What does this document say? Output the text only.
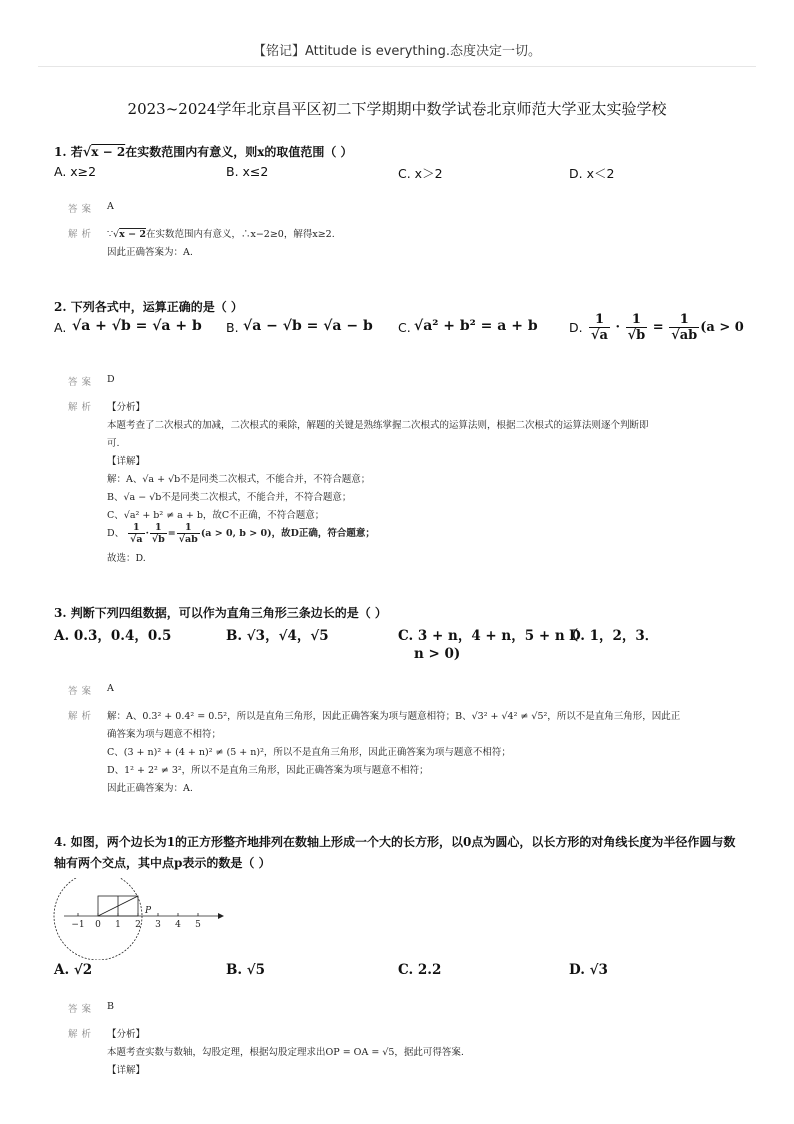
【铭记】Attitude is everything.态度决定一切。
2023~2024学年北京昌平区初二下学期期中数学试卷北京师范大学亚太实验学校
1. 若√x − 2在实数范围内有意义，则x的取值范围（ ）
A. x≥2	B. x≤2	C. x＞2	D. x＜2
答案 A
解析 ∵√x − 2在实数范围内有意义，∴x−2≥0，解得x≥2.
因此正确答案为：A.
2. 下列各式中，运算正确的是（ ）
A. √a + √b = √a + b B. √a − √b = √a − b C. √a² + b² = a + b	D. $\frac{1}{√a} \cdot \frac{1}{√b} = \frac{1}{√ab} (a > 0$
答案 D
解析 【分析】
本题考查了二次根式的加减，二次根式的乘除，解题的关键是熟练掌握二次根式的运算法则，根据二次根式的运算法则逐个判断即
可.
【详解】
解：A、√a + √b不是同类二次根式，不能合并，不符合题意；
B、√a − √b不是同类二次根式，不能合并，不符合题意；
C、√a² + b² ≠ a + b，故C不正确，不符合题意；
D、 $\frac{1}{√a} \cdot \frac{1}{√b} = \frac{1}{√ab} (a > 0$, b > 0)，故D正确，符合题意；
故选：D.
3. 判断下列四组数据，可以作为直角三角形三条边长的是（ ）
A. 0.3，0.4，0.5	B. √3，√4，√5	C. 3 + n，4 + n，5 + n（
n > 0)
D. 1，2，3．
答案 A
解析 解：A、0.3² + 0.4² = 0.5²，所以是直角三角形，因此正确答案为项与题意相符；B、√3² + √4² ≠ √5²，所以不是直角三角形，因此正
确答案为项与题意不相符；
C、(3 + n)² + (4 + n)² ≠ (5 + n)²，所以不是直角三角形，因此正确答案为项与题意不相符；
D、1² + 2² ≠ 3²，所以不是直角三角形，因此正确答案为项与题意不相符；
因此正确答案为：A.
4. 如图，两个边长为1的正方形整齐地排列在数轴上形成一个大的长方形，以0点为圆心，以长方形的对角线长度为半径作圆与数
轴有两个交点，其中点p表示的数是（ ）
−1 0 1 2 3 4 5
P
A. √2	B. √5	C. 2.2	D. √3
答案 B
解析 【分析】
本题考查实数与数轴，勾股定理，根据勾股定理求出OP = OA = √5，据此可得答案.
【详解】
